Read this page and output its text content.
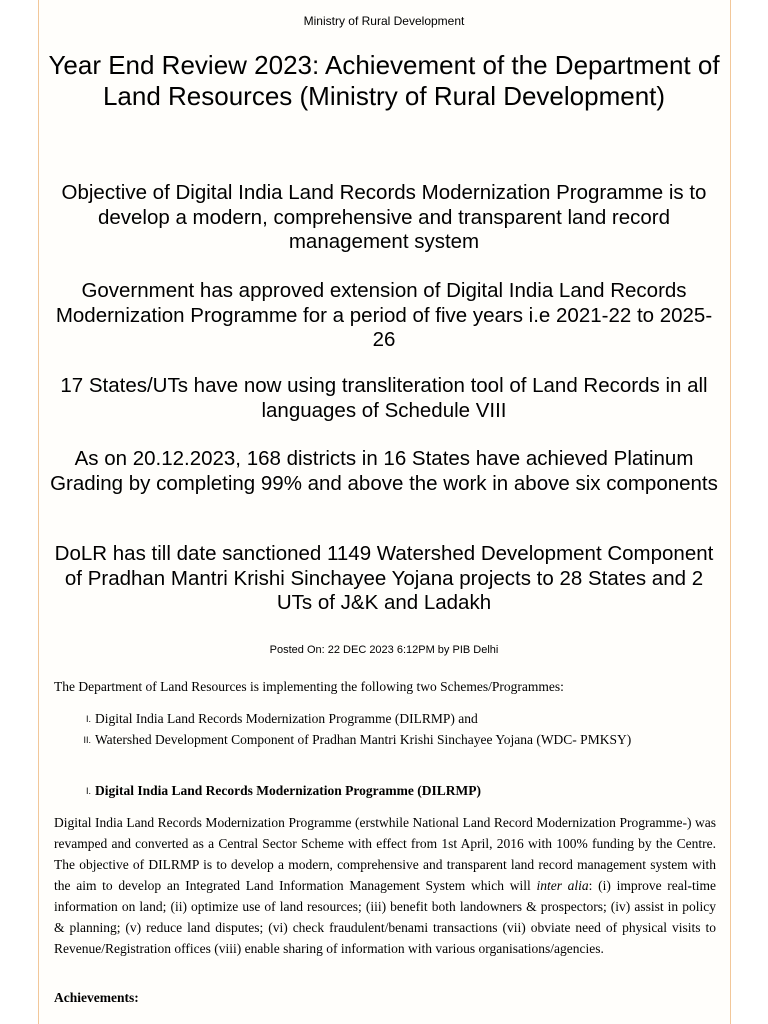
Ministry of Rural Development
Year End Review 2023: Achievement of the Department of Land Resources (Ministry of Rural Development)

Objective of Digital India Land Records Modernization Programme is to develop a modern, comprehensive and transparent land record management system

Government has approved extension of Digital India Land Records Modernization Programme for a period of five years i.e 2021-22 to 2025-26

17 States/UTs have now using transliteration tool of Land Records in all languages of Schedule VIII

As on 20.12.2023, 168 districts in 16 States have achieved Platinum Grading by completing 99% and above the work in above six components

DoLR has till date sanctioned 1149 Watershed Development Component of Pradhan Mantri Krishi Sinchayee Yojana projects to 28 States and 2 UTs of J&K and Ladakh

Posted On: 22 DEC 2023 6:12PM by PIB Delhi

The Department of Land Resources is implementing the following two Schemes/Programmes:

I. Digital India Land Records Modernization Programme (DILRMP) and
II. Watershed Development Component of Pradhan Mantri Krishi Sinchayee Yojana (WDC- PMKSY)
I. Digital India Land Records Modernization Programme (DILRMP)

Digital India Land Records Modernization Programme (erstwhile National Land Record Modernization Programme-) was revamped and converted as a Central Sector Scheme with effect from 1st April, 2016 with 100% funding by the Centre. The objective of DILRMP is to develop a modern, comprehensive and transparent land record management system with the aim to develop an Integrated Land Information Management System which will inter alia: (i) improve real-time information on land; (ii) optimize use of land resources; (iii) benefit both landowners & prospectors; (iv) assist in policy & planning; (v) reduce land disputes; (vi) check fraudulent/benami transactions (vii) obviate need of physical visits to Revenue/Registration offices (viii) enable sharing of information with various organisations/agencies.

Achievements:
